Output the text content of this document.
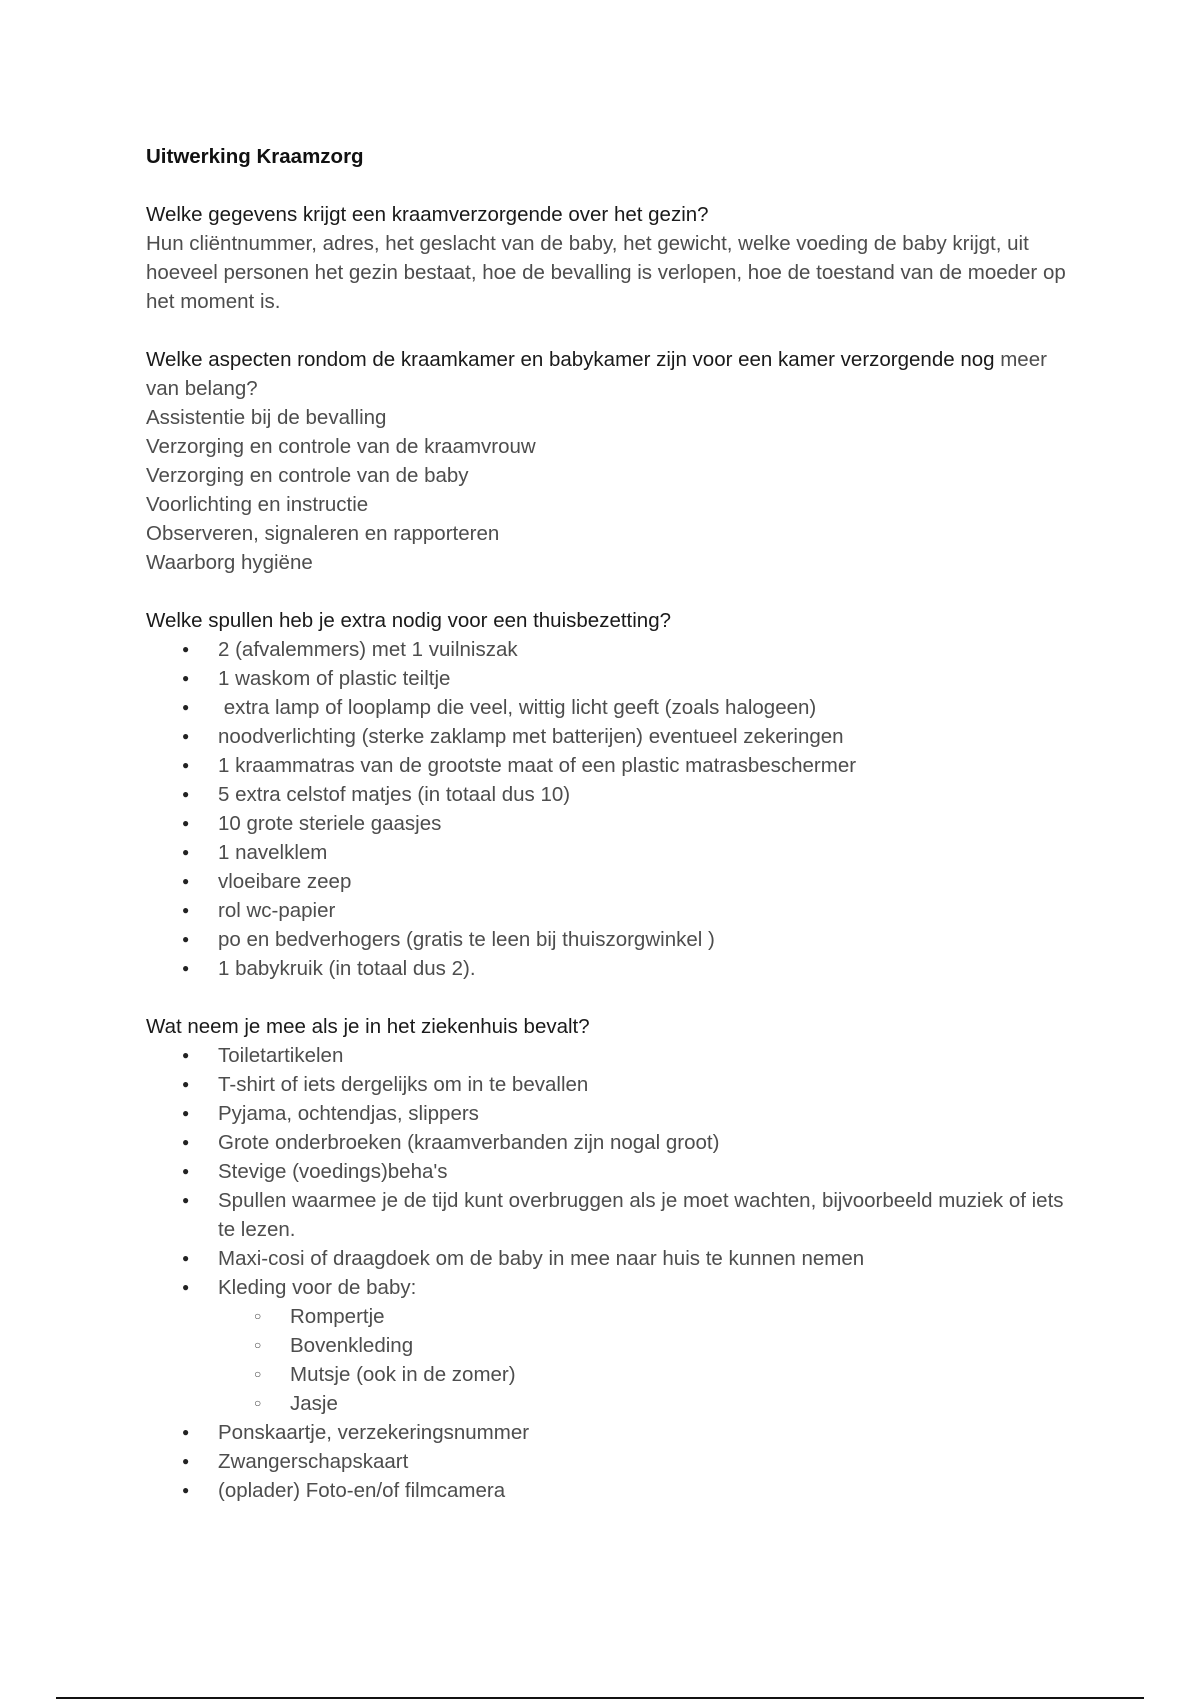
Uitwerking Kraamzorg

Welke gegevens krijgt een kraamverzorgende over het gezin?

Hun cliëntnummer, adres, het geslacht van de baby, het gewicht, welke voeding de baby krijgt, uit hoeveel personen het gezin bestaat, hoe de bevalling is verlopen, hoe de toestand van de moeder op het moment is.

Welke aspecten rondom de kraamkamer en babykamer zijn voor een kamer verzorgende nog meer van belang?

Assistentie bij de bevalling

Verzorging en controle van de kraamvrouw

Verzorging en controle van de baby

Voorlichting en instructie

Observeren, signaleren en rapporteren

Waarborg hygiëne

Welke spullen heb je extra nodig voor een thuisbezetting?

● 2 (afvalemmers) met 1 vuilniszak
● 1 waskom of plastic teiltje
●  extra lamp of looplamp die veel, wittig licht geeft (zoals halogeen)
● noodverlichting (sterke zaklamp met batterijen) eventueel zekeringen
● 1 kraammatras van de grootste maat of een plastic matrasbeschermer
● 5 extra celstof matjes (in totaal dus 10)
● 10 grote steriele gaasjes
● 1 navelklem
● vloeibare zeep
● rol wc-papier
● po en bedverhogers (gratis te leen bij thuiszorgwinkel )
● 1 babykruik (in totaal dus 2).

Wat neem je mee als je in het ziekenhuis bevalt?

● Toiletartikelen
● T-shirt of iets dergelijks om in te bevallen
● Pyjama, ochtendjas, slippers
● Grote onderbroeken (kraamverbanden zijn nogal groot)
● Stevige (voedings)beha's
● Spullen waarmee je de tijd kunt overbruggen als je moet wachten, bijvoorbeeld muziek of iets te lezen.
● Maxi-cosi of draagdoek om de baby in mee naar huis te kunnen nemen
● Kleding voor de baby:
○ Rompertje
○ Bovenkleding
○ Mutsje (ook in de zomer)
○ Jasje
● Ponskaartje, verzekeringsnummer
● Zwangerschapskaart
● (oplader) Foto-en/of filmcamera
